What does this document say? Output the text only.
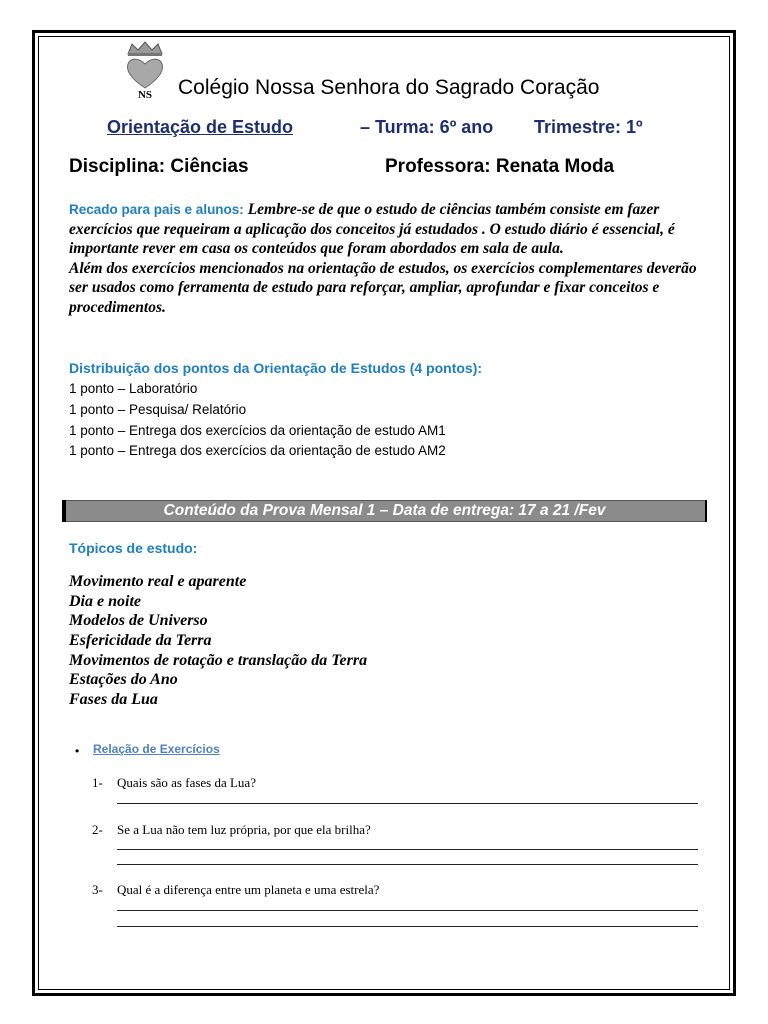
NS Colégio Nossa Senhora do Sagrado Coração
Orientação de Estudo	– Turma: 6º ano Trimestre: 1º
Disciplina: Ciências	Professora: Renata Moda
Recado para pais e alunos: Lembre-se de que o estudo de ciências também consiste em fazer exercícios que requeiram a aplicação dos conceitos já estudados . O estudo diário é essencial, é importante rever em casa os conteúdos que foram abordados em sala de aula.
Além dos exercícios mencionados na orientação de estudos, os exercícios complementares deverão ser usados como ferramenta de estudo para reforçar, ampliar, aprofundar e fixar conceitos e procedimentos.
Distribuição dos pontos da Orientação de Estudos (4 pontos):
1 ponto – Laboratório
1 ponto – Pesquisa/ Relatório
1 ponto – Entrega dos exercícios da orientação de estudo AM1
1 ponto – Entrega dos exercícios da orientação de estudo AM2
Conteúdo da Prova Mensal 1 – Data de entrega: 17 a 21 /Fev
Tópicos de estudo:
Movimento real e aparente
Dia e noite
Modelos de Universo
Esfericidade da Terra
Movimentos de rotação e translação da Terra
Estações do Ano
Fases da Lua
• Relação de Exercícios
1- Quais são as fases da Lua?
2- Se a Lua não tem luz própria, por que ela brilha?
3- Qual é a diferença entre um planeta e uma estrela?
